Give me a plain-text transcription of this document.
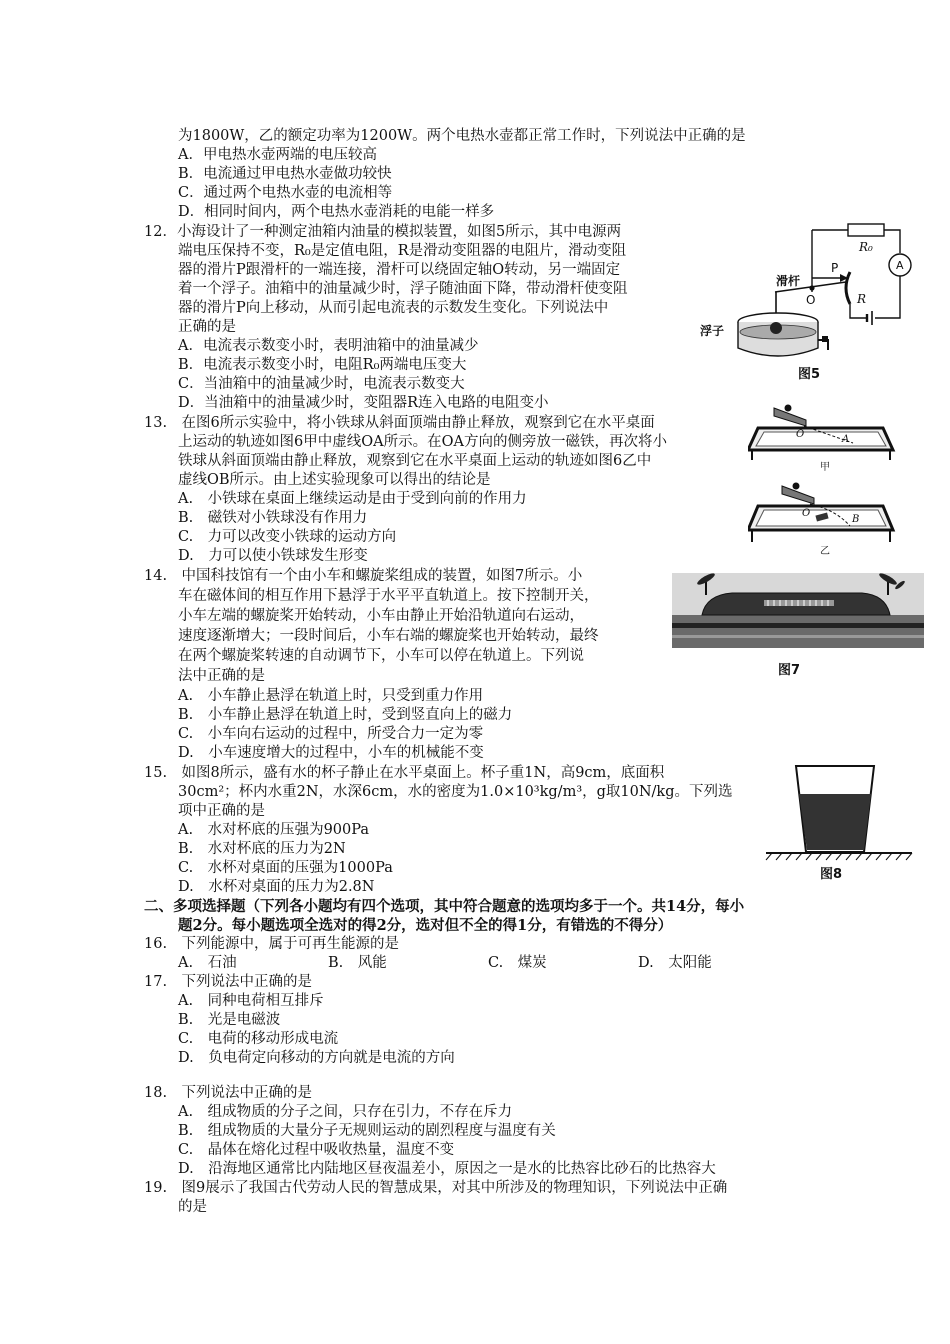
为1800W，乙的额定功率为1200W。两个电热水壶都正常工作时，下列说法中正确的是
A．甲电热水壶两端的电压较高
B．电流通过甲电热水壶做功较快
C．通过两个电热水壶的电流相等
D．相同时间内，两个电热水壶消耗的电能一样多
12．小海设计了一种测定油箱内油量的模拟装置，如图5所示，其中电源两
端电压保持不变，R₀是定值电阻，R是滑动变阻器的电阻片，滑动变阻
器的滑片P跟滑杆的一端连接，滑杆可以绕固定轴O转动，另一端固定
着一个浮子。油箱中的油量减少时，浮子随油面下降，带动滑杆使变阻
器的滑片P向上移动，从而引起电流表的示数发生变化。下列说法中
正确的是
A．电流表示数变小时，表明油箱中的油量减少
B．电流表示数变小时，电阻R₀两端电压变大
C．当油箱中的油量减少时，电流表示数变大
D．当油箱中的油量减少时，变阻器R连入电路的电阻变小
滑杆
浮子
R₀
R
P
O
A
图5
13.　在图6所示实验中，将小铁球从斜面顶端由静止释放，观察到它在水平桌面
上运动的轨迹如图6甲中虚线OA所示。在OA方向的侧旁放一磁铁，再次将小
铁球从斜面顶端由静止释放，观察到它在水平桌面上运动的轨迹如图6乙中
虚线OB所示。由上述实验现象可以得出的结论是
A.　小铁球在桌面上继续运动是由于受到向前的作用力
B.　磁铁对小铁球没有作用力
C.　力可以改变小铁球的运动方向
D.　力可以使小铁球发生形变
O	A
甲
O
B
乙
14.　中国科技馆有一个由小车和螺旋桨组成的装置，如图7所示。小
车在磁体间的相互作用下悬浮于水平平直轨道上。按下控制开关，
小车左端的螺旋桨开始转动，小车由静止开始沿轨道向右运动，
速度逐渐增大；一段时间后，小车右端的螺旋桨也开始转动，最终
在两个螺旋桨转速的自动调节下，小车可以停在轨道上。下列说
法中正确的是
A.　小车静止悬浮在轨道上时，只受到重力作用
B.　小车静止悬浮在轨道上时，受到竖直向上的磁力
C.　小车向右运动的过程中，所受合力一定为零
D.　小车速度增大的过程中，小车的机械能不变
图7
15.　如图8所示，盛有水的杯子静止在水平桌面上。杯子重1N，高9cm，底面积
30cm²；杯内水重2N，水深6cm，水的密度为1.0×10³kg/m³，g取10N/kg。下列选
项中正确的是
A.　水对杯底的压强为900Pa
B.　水对杯底的压力为2N
C.　水杯对桌面的压强为1000Pa
D.　水杯对桌面的压力为2.8N
图8
二、多项选择题（下列各小题均有四个选项，其中符合题意的选项均多于一个。共14分，每小
题2分。每小题选项全选对的得2分，选对但不全的得1分，有错选的不得分）
16.　下列能源中，属于可再生能源的是
A.　石油	B.　风能	C.　煤炭	D.　太阳能
17.　下列说法中正确的是
A.　同种电荷相互排斥
B.　光是电磁波
C.　电荷的移动形成电流
D.　负电荷定向移动的方向就是电流的方向
18.　下列说法中正确的是
A.　组成物质的分子之间，只存在引力，不存在斥力
B.　组成物质的大量分子无规则运动的剧烈程度与温度有关
C.　晶体在熔化过程中吸收热量，温度不变
D.　沿海地区通常比内陆地区昼夜温差小，原因之一是水的比热容比砂石的比热容大
19.　图9展示了我国古代劳动人民的智慧成果，对其中所涉及的物理知识，下列说法中正确
的是
